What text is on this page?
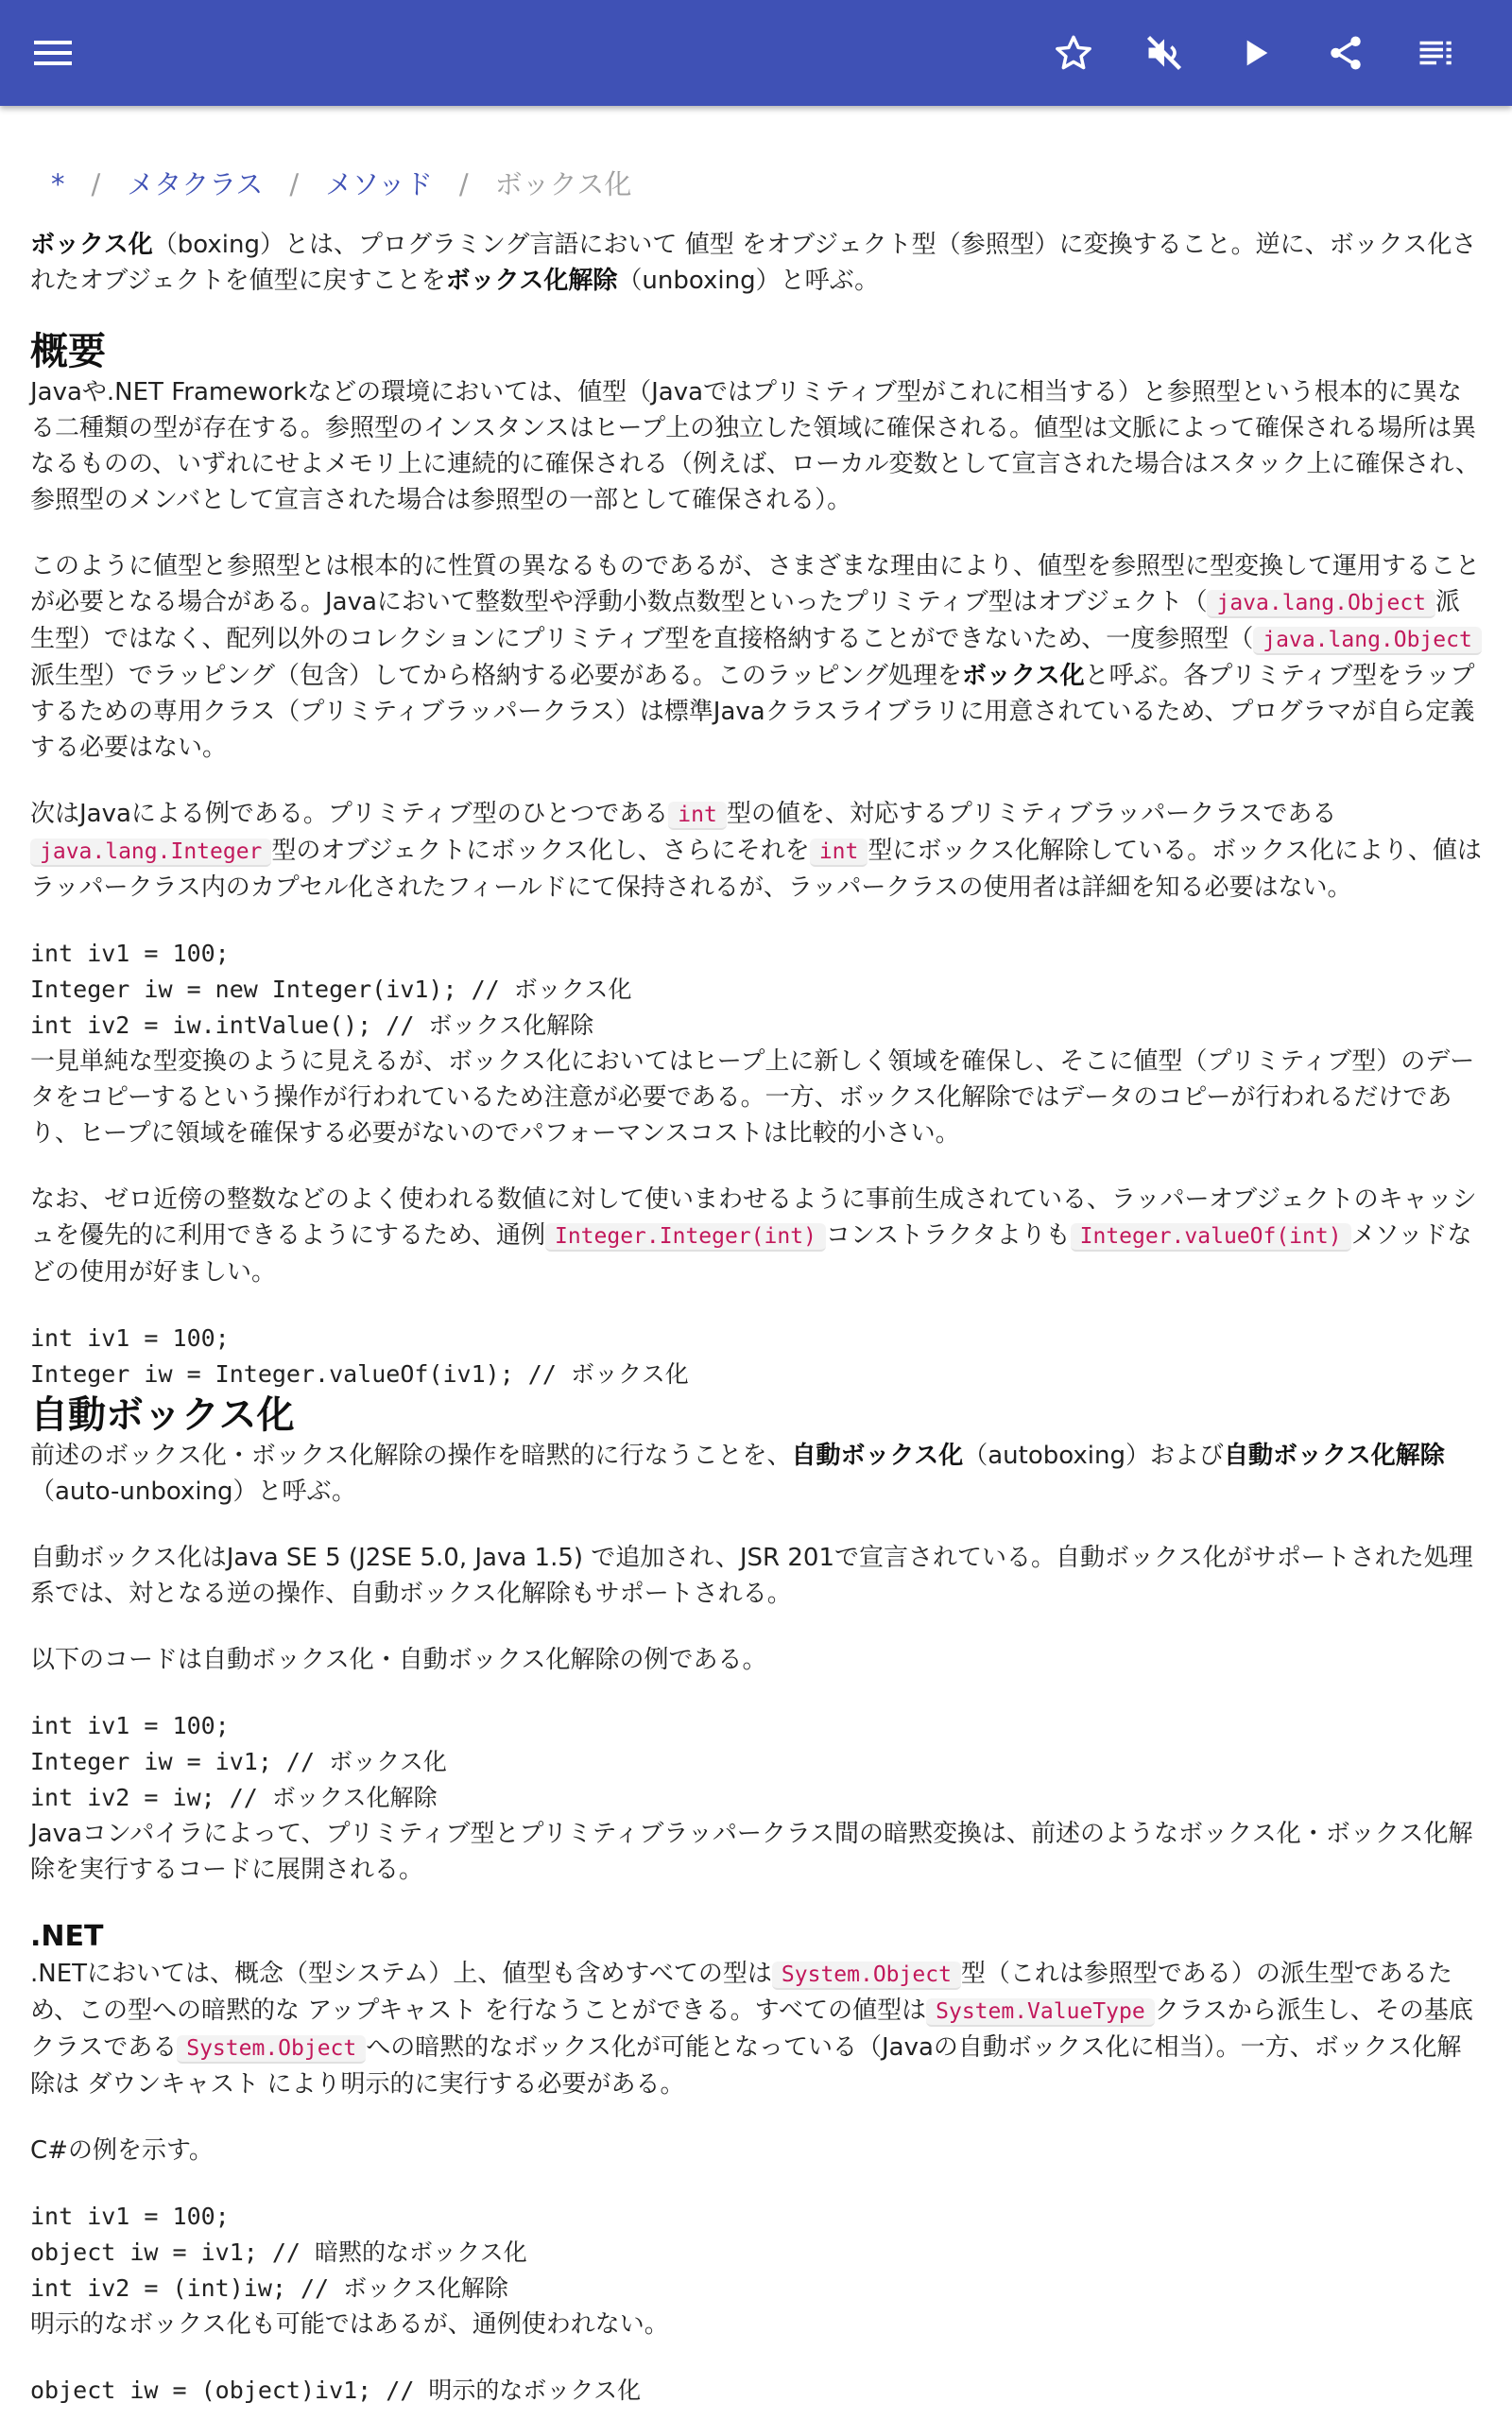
* / メタクラス / メソッド / ボックス化

ボックス化（boxing）とは、プログラミング言語において 値型 をオブジェクト型（参照型）に変換すること。逆に、ボックス化されたオブジェクトを値型に戻すことをボックス化解除（unboxing）と呼ぶ。

概要

Javaや.NET Frameworkなどの環境においては、値型（Javaではプリミティブ型がこれに相当する）と参照型という根本的に異なる二種類の型が存在する。参照型のインスタンスはヒープ上の独立した領域に確保される。値型は文脈によって確保される場所は異なるものの、いずれにせよメモリ上に連続的に確保される（例えば、ローカル変数として宣言された場合はスタック上に確保され、参照型のメンバとして宣言された場合は参照型の一部として確保される）。

このように値型と参照型とは根本的に性質の異なるものであるが、さまざまな理由により、値型を参照型に型変換して運用することが必要となる場合がある。Javaにおいて整数型や浮動小数点数型といったプリミティブ型はオブジェクト（ java.lang.Object 派生型）ではなく、配列以外のコレクションにプリミティブ型を直接格納することができないため、一度参照型（ java.lang.Object派生型）でラッピング（包含）してから格納する必要がある。このラッピング処理をボックス化と呼ぶ。各プリミティブ型をラップするための専用クラス（プリミティブラッパークラス）は標準Javaクラスライブラリに用意されているため、プログラマが自ら定義する必要はない。

次はJavaによる例である。プリミティブ型のひとつである int 型の値を、対応するプリミティブラッパークラスであるjava.lang.Integer 型のオブジェクトにボックス化し、さらにそれを int 型にボックス化解除している。ボックス化により、値はラッパークラス内のカプセル化されたフィールドにて保持されるが、ラッパークラスの使用者は詳細を知る必要はない。

int iv1 = 100;
Integer iw = new Integer(iv1); // ボックス化
int iv2 = iw.intValue(); // ボックス化解除

一見単純な型変換のように見えるが、ボックス化においてはヒープ上に新しく領域を確保し、そこに値型（プリミティブ型）のデータをコピーするという操作が行われているため注意が必要である。一方、ボックス化解除ではデータのコピーが行われるだけであり、ヒープに領域を確保する必要がないのでパフォーマンスコストは比較的小さい。

なお、ゼロ近傍の整数などのよく使われる数値に対して使いまわせるように事前生成されている、ラッパーオブジェクトのキャッシュを優先的に利用できるようにするため、通例 Integer.Integer(int) コンストラクタよりも Integer.valueOf(int) メソッドなどの使用が好ましい。

int iv1 = 100;
Integer iw = Integer.valueOf(iv1); // ボックス化
自動ボックス化

前述のボックス化・ボックス化解除の操作を暗黙的に行なうことを、自動ボックス化（autoboxing）および自動ボックス化解除（auto-unboxing）と呼ぶ。

自動ボックス化はJava SE 5 (J2SE 5.0, Java 1.5) で追加され、JSR 201で宣言されている。自動ボックス化がサポートされた処理系では、対となる逆の操作、自動ボックス化解除もサポートされる。

以下のコードは自動ボックス化・自動ボックス化解除の例である。

int iv1 = 100;
Integer iw = iv1; // ボックス化
int iv2 = iw; // ボックス化解除

Javaコンパイラによって、プリミティブ型とプリミティブラッパークラス間の暗黙変換は、前述のようなボックス化・ボックス化解除を実行するコードに展開される。

.NET

.NETにおいては、概念（型システム）上、値型も含めすべての型は System.Object 型（これは参照型である）の派生型であるため、この型への暗黙的な アップキャスト を行なうことができる。すべての値型は System.ValueType クラスから派生し、その基底クラスである System.Object への暗黙的なボックス化が可能となっている（Javaの自動ボックス化に相当）。一方、ボックス化解除は ダウンキャスト により明示的に実行する必要がある。

C#の例を示す。

int iv1 = 100;
object iw = iv1; // 暗黙的なボックス化
int iv2 = (int)iw; // ボックス化解除

明示的なボックス化も可能ではあるが、通例使われない。

object iw = (object)iv1; // 明示的なボックス化
